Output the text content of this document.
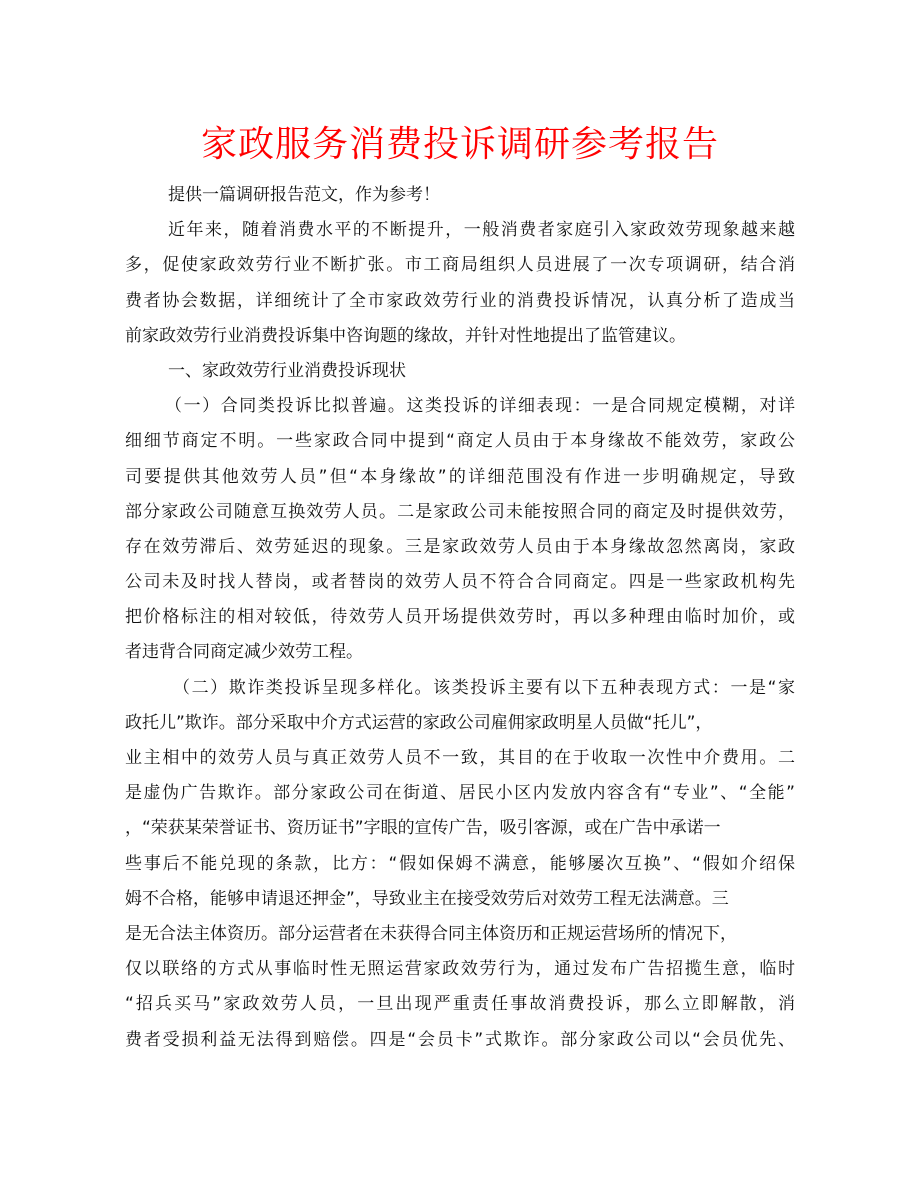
家政服务消费投诉调研参考报告
提供一篇调研报告范文，作为参考！
近年来，随着消费水平的不断提升，一般消费者家庭引入家政效劳现象越来越
多，促使家政效劳行业不断扩张。市工商局组织人员进展了一次专项调研，结合消
费者协会数据，详细统计了全市家政效劳行业的消费投诉情况，认真分析了造成当
前家政效劳行业消费投诉集中咨询题的缘故，并针对性地提出了监管建议。
一、家政效劳行业消费投诉现状
（一）合同类投诉比拟普遍。这类投诉的详细表现：一是合同规定模糊，对详
细细节商定不明。一些家政合同中提到“商定人员由于本身缘故不能效劳，家政公
司要提供其他效劳人员”但“本身缘故”的详细范围没有作进一步明确规定，导致
部分家政公司随意互换效劳人员。二是家政公司未能按照合同的商定及时提供效劳，
存在效劳滞后、效劳延迟的现象。三是家政效劳人员由于本身缘故忽然离岗，家政
公司未及时找人替岗，或者替岗的效劳人员不符合合同商定。四是一些家政机构先
把价格标注的相对较低，待效劳人员开场提供效劳时，再以多种理由临时加价，或
者违背合同商定减少效劳工程。
（二）欺诈类投诉呈现多样化。该类投诉主要有以下五种表现方式：一是“家
政托儿”欺诈。部分采取中介方式运营的家政公司雇佣家政明星人员做“托儿”，
业主相中的效劳人员与真正效劳人员不一致，其目的在于收取一次性中介费用。二
是虚伪广告欺诈。部分家政公司在街道、居民小区内发放内容含有“专业”、“全能”
，“荣获某荣誉证书、资历证书”字眼的宣传广告，吸引客源，或在广告中承诺一
些事后不能兑现的条款，比方：“假如保姆不满意，能够屡次互换”、“假如介绍保
姆不合格，能够申请退还押金”，导致业主在接受效劳后对效劳工程无法满意。三
是无合法主体资历。部分运营者在未获得合同主体资历和正规运营场所的情况下，
仅以联络的方式从事临时性无照运营家政效劳行为，通过发布广告招揽生意，临时
“招兵买马”家政效劳人员，一旦出现严重责任事故消费投诉，那么立即解散，消
费者受损利益无法得到赔偿。四是“会员卡”式欺诈。部分家政公司以“会员优先、
